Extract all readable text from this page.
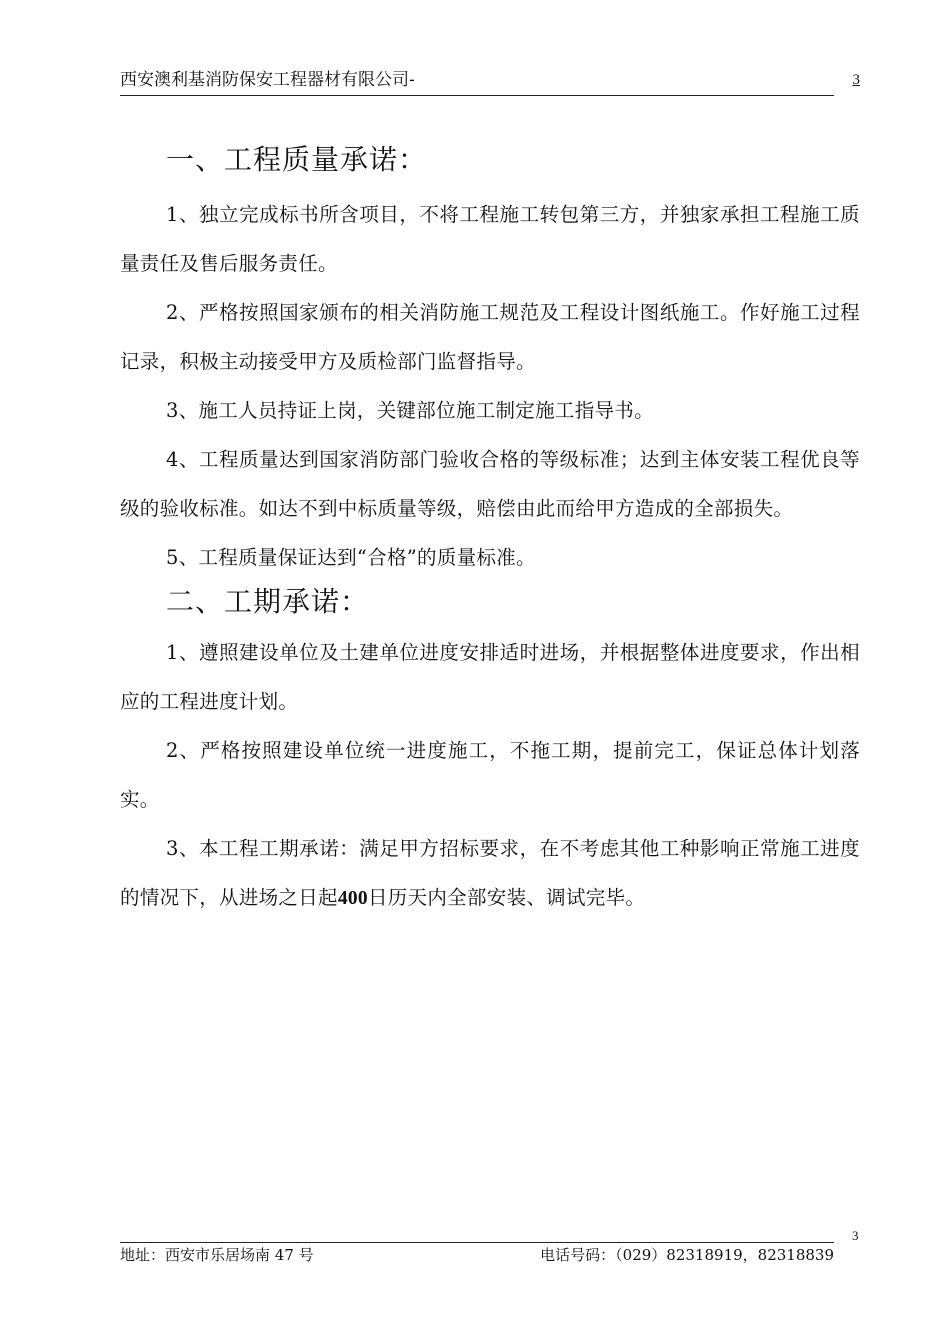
西安澳利基消防保安工程器材有限公司-	3
一、工程质量承诺：

1、独立完成标书所含项目，不将工程施工转包第三方，并独家承担工程施工质量责任及售后服务责任。

2、严格按照国家颁布的相关消防施工规范及工程设计图纸施工。作好施工过程记录，积极主动接受甲方及质检部门监督指导。

3、施工人员持证上岗，关键部位施工制定施工指导书。

4、工程质量达到国家消防部门验收合格的等级标准；达到主体安装工程优良等级的验收标准。如达不到中标质量等级，赔偿由此而给甲方造成的全部损失。

5、工程质量保证达到“合格”的质量标准。

二、工期承诺：

1、遵照建设单位及土建单位进度安排适时进场，并根据整体进度要求，作出相应的工程进度计划。

2、严格按照建设单位统一进度施工，不拖工期，提前完工，保证总体计划落实。

3、本工程工期承诺：满足甲方招标要求，在不考虑其他工种影响正常施工进度的情况下，从进场之日起400日历天内全部安装、调试完毕。

3
地址：西安市乐居场南 47 号	电话号码：（029）82318919，82318839
